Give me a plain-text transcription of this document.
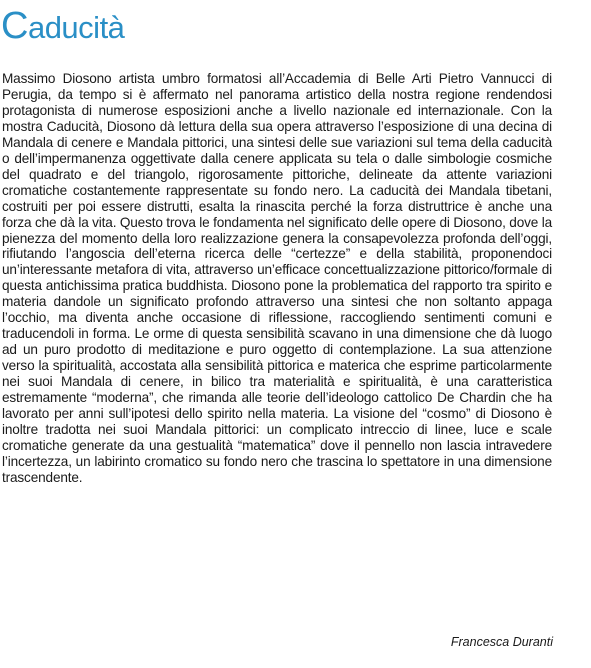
Caducità

Massimo Diosono artista umbro formatosi all’Accademia di Belle Arti Pietro Vannucci di Perugia, da tempo si è affermato nel panorama artistico della nostra regione rendendosi protagonista di numerose esposizioni anche a livello nazionale ed internazionale. Con la mostra Caducità, Diosono dà lettura della sua opera attraverso l’esposizione di una decina di Mandala di cenere e Mandala pittorici, una sintesi delle sue variazioni sul tema della caducità o dell’impermanenza oggettivate dalla cenere applicata su tela o dalle simbologie cosmiche del quadrato e del triangolo, rigorosamente pittoriche, delineate da attente variazioni cromatiche costantemente rappresentate su fondo nero. La caducità dei Mandala tibetani, costruiti per poi essere distrutti, esalta la rinascita perché la forza distruttrice è anche una forza che dà la vita. Questo trova le fondamenta nel significato delle opere di Diosono, dove la pienezza del momento della loro realizzazione genera la consapevolezza profonda dell’oggi, rifiutando l’angoscia dell’eterna ricerca delle “certezze” e della stabilità, proponendoci un’interessante metafora di vita, attraverso un’efficace concettualizzazione pittorico/formale di questa antichissima pratica buddhista. Diosono pone la problematica del rapporto tra spirito e materia dandole un significato profondo attraverso una sintesi che non soltanto appaga l’occhio, ma diventa anche occasione di riflessione, raccogliendo sentimenti comuni e traducendoli in forma. Le orme di questa sensibilità scavano in una dimensione che dà luogo ad un puro prodotto di meditazione e puro oggetto di contemplazione. La sua attenzione verso la spiritualità, accostata alla sensibilità pittorica e materica che esprime particolarmente nei suoi Mandala di cenere, in bilico tra materialità e spiritualità, è una caratteristica estremamente “moderna”, che rimanda alle teorie dell’ideologo cattolico De Chardin che ha lavorato per anni sull’ipotesi dello spirito nella materia. La visione del “cosmo” di Diosono è inoltre tradotta nei suoi Mandala pittorici: un complicato intreccio di linee, luce e scale cromatiche generate da una gestualità “matematica” dove il pennello non lascia intravedere l’incertezza, un labirinto cromatico su fondo nero che trascina lo spettatore in una dimensione trascendente.

Francesca Duranti
